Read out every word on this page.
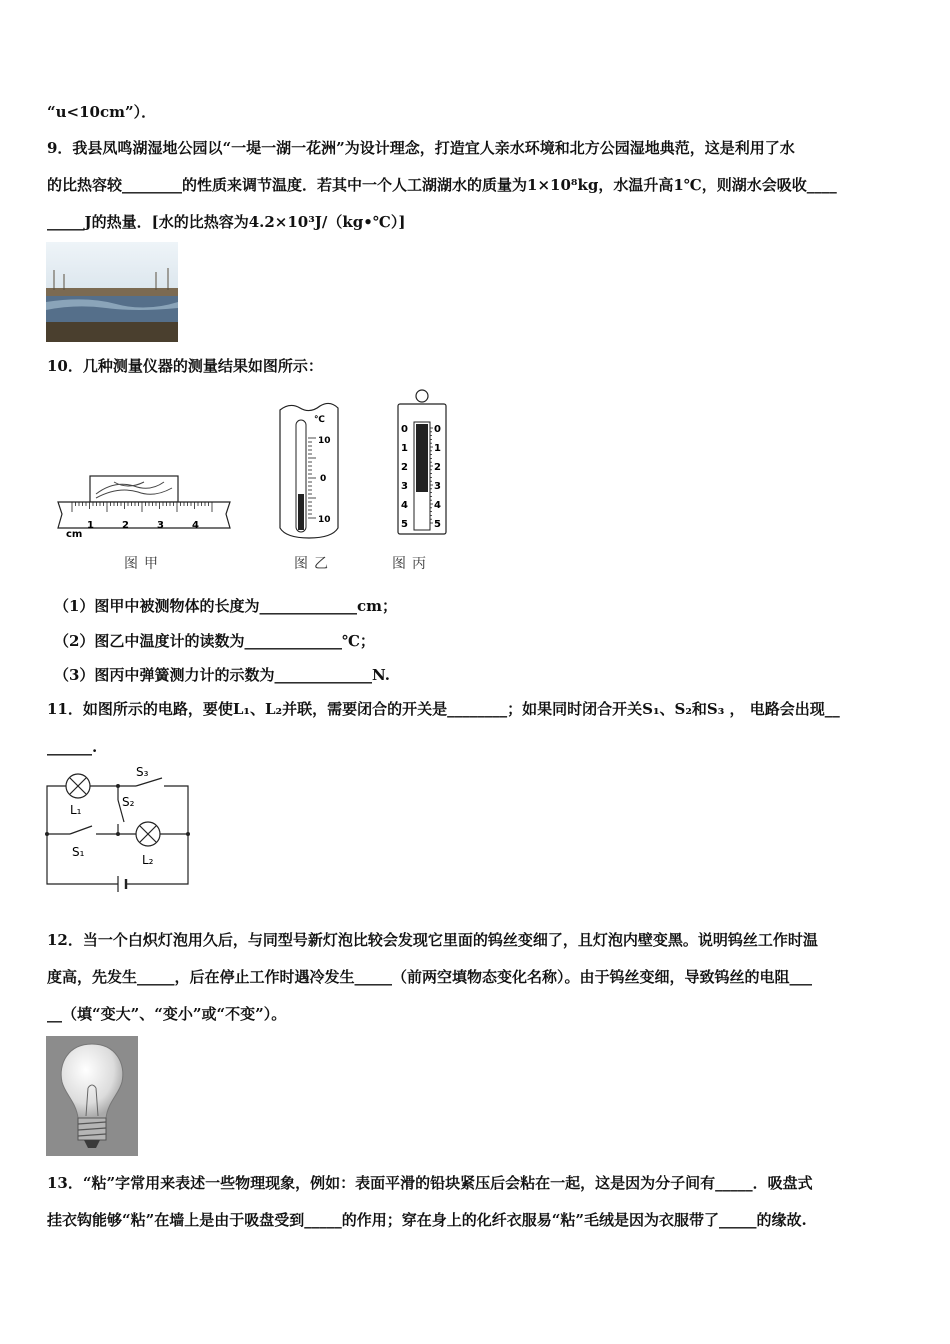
“u<10cm”）．
9．我县凤鸣湖湿地公园以“一堤一湖一花洲”为设计理念，打造宜人亲水环境和北方公园湿地典范，这是利用了水
的比热容较________的性质来调节温度．若其中一个人工湖湖水的质量为1×10⁸kg，水温升高1℃，则湖水会吸收____
_____J的热量．[水的比热容为4.2×10³J/（kg•℃）]
10．几种测量仪器的测量结果如图所示：
cm
1	2	3	4
图甲
℃
10
0
10
图乙
0
1
2
3
4
5
0
1
2
3
4
5
图丙
（1）图甲中被测物体的长度为_____________cm；
（2）图乙中温度计的读数为_____________℃；
（3）图丙中弹簧测力计的示数为_____________N.
11．如图所示的电路，要使L₁、L₂并联，需要闭合的开关是________；如果同时闭合开关S₁、S₂和S₃ ， 电路会出现__
______.
S₃
S₂
L₁
S₁
L₂
12．当一个白炽灯泡用久后，与同型号新灯泡比较会发现它里面的钨丝变细了，且灯泡内壁变黑。说明钨丝工作时温
度高，先发生_____，后在停止工作时遇冷发生_____（前两空填物态变化名称）。由于钨丝变细，导致钨丝的电阻___
__（填“变大”、“变小”或“不变”）。
13．“粘”字常用来表述一些物理现象，例如：表面平滑的铅块紧压后会粘在一起，这是因为分子间有_____．吸盘式
挂衣钩能够“粘”在墙上是由于吸盘受到_____的作用；穿在身上的化纤衣服易“粘”毛绒是因为衣服带了_____的缘故.
